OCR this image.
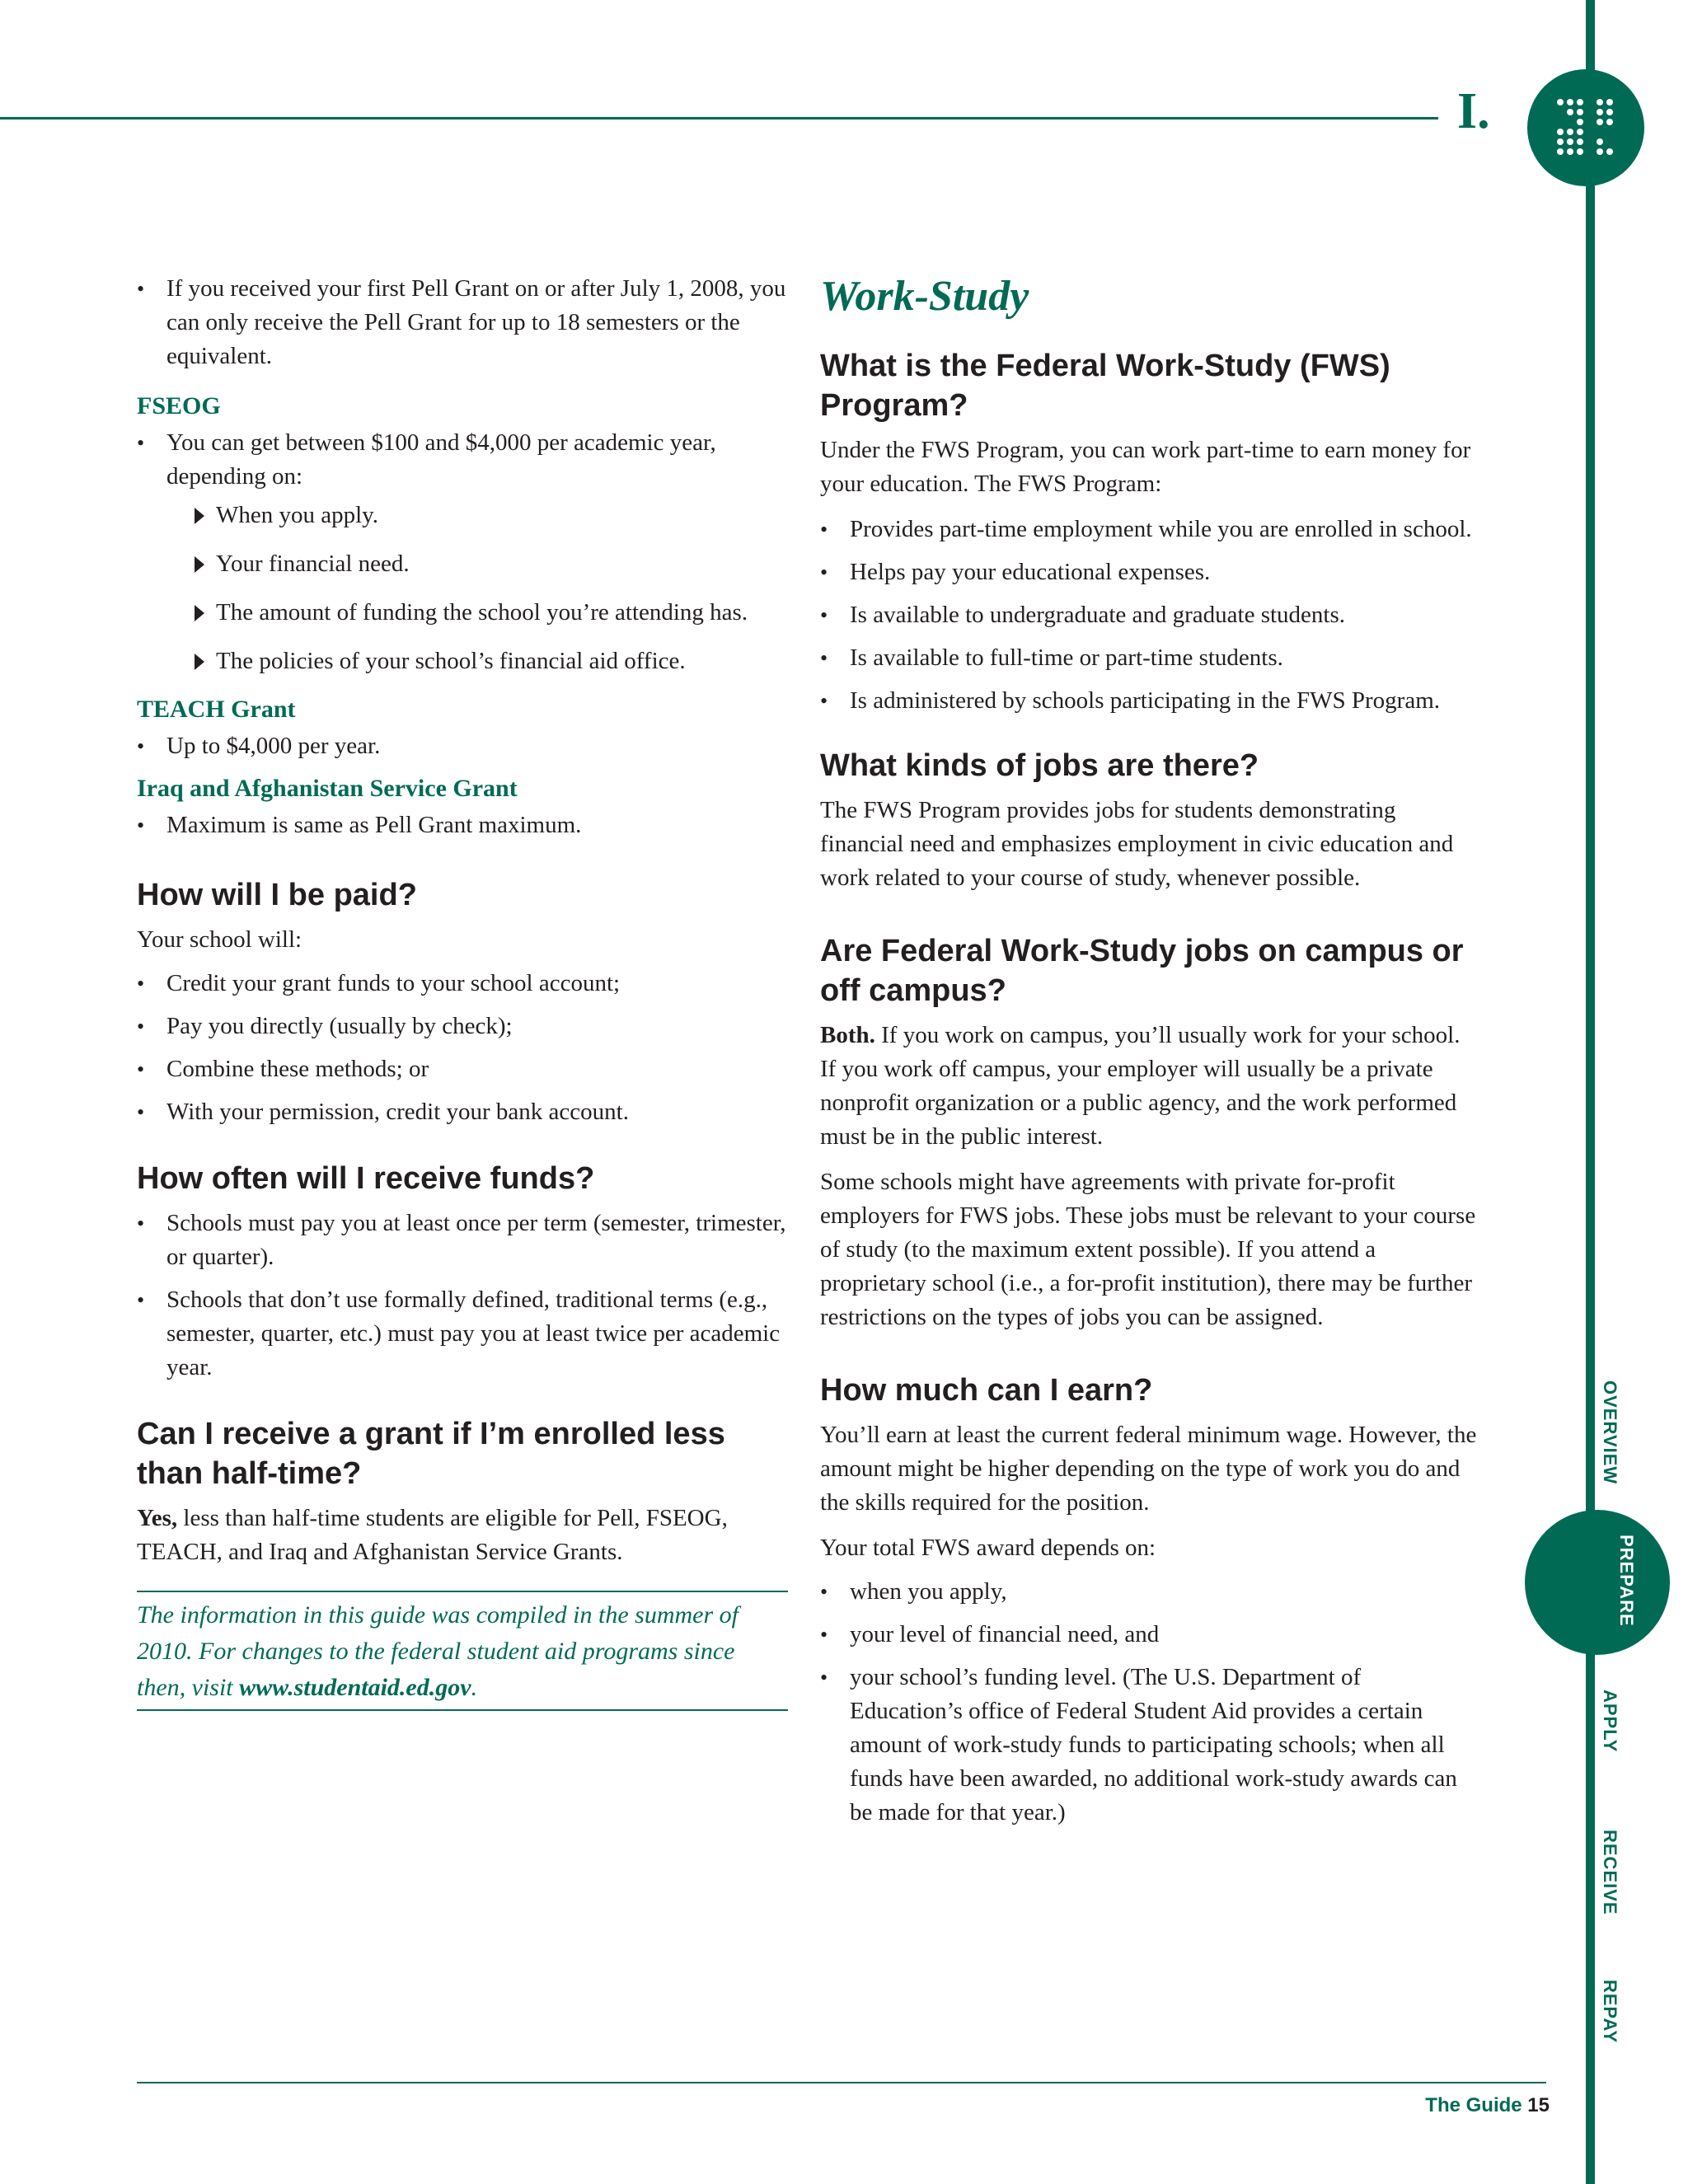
I.
OVERVIEW
PREPARE
APPLY
RECEIVE
REPAY
• If you received your first Pell Grant on or after July 1, 2008, you can only receive the Pell Grant for up to 18 semesters or the equivalent.
FSEOG
• You can get between $100 and $4,000 per academic year, depending on:
When you apply.
Your financial need.
The amount of funding the school you’re attending has.
The policies of your school’s financial aid office.
TEACH Grant
• Up to $4,000 per year.
Iraq and Afghanistan Service Grant
• Maximum is same as Pell Grant maximum.
How will I be paid?

Your school will:

• Credit your grant funds to your school account;
• Pay you directly (usually by check);
• Combine these methods; or
• With your permission, credit your bank account.
How often will I receive funds?
• Schools must pay you at least once per term (semester, trimester, or quarter).
• Schools that don’t use formally defined, traditional terms (e.g., semester, quarter, etc.) must pay you at least twice per academic year.
Can I receive a grant if I’m enrolled less than half-time?

Yes, less than half-time students are eligible for Pell, FSEOG, TEACH, and Iraq and Afghanistan Service Grants.

The information in this guide was compiled in the summer of 2010. For changes to the federal student aid programs since then, visit www.studentaid.ed.gov.

Work-Study
What is the Federal Work-Study (FWS) Program?

Under the FWS Program, you can work part-time to earn money for your education. The FWS Program:

• Provides part-time employment while you are enrolled in school.
• Helps pay your educational expenses.
• Is available to undergraduate and graduate students.
• Is available to full-time or part-time students.
• Is administered by schools participating in the FWS Program.
What kinds of jobs are there?

The FWS Program provides jobs for students demonstrating financial need and emphasizes employment in civic education and work related to your course of study, whenever possible.

Are Federal Work-Study jobs on campus or off campus?

Both. If you work on campus, you’ll usually work for your school. If you work off campus, your employer will usually be a private nonprofit organization or a public agency, and the work performed must be in the public interest.

Some schools might have agreements with private for-profit employers for FWS jobs. These jobs must be relevant to your course of study (to the maximum extent possible). If you attend a proprietary school (i.e., a for-profit institution), there may be further restrictions on the types of jobs you can be assigned.

How much can I earn?

You’ll earn at least the current federal minimum wage. However, the amount might be higher depending on the type of work you do and the skills required for the position.

Your total FWS award depends on:

• when you apply,
• your level of financial need, and
• your school’s funding level. (The U.S. Department of Education’s office of Federal Student Aid provides a certain amount of work-study funds to participating schools; when all funds have been awarded, no additional work-study awards can be made for that year.)
The Guide 15
